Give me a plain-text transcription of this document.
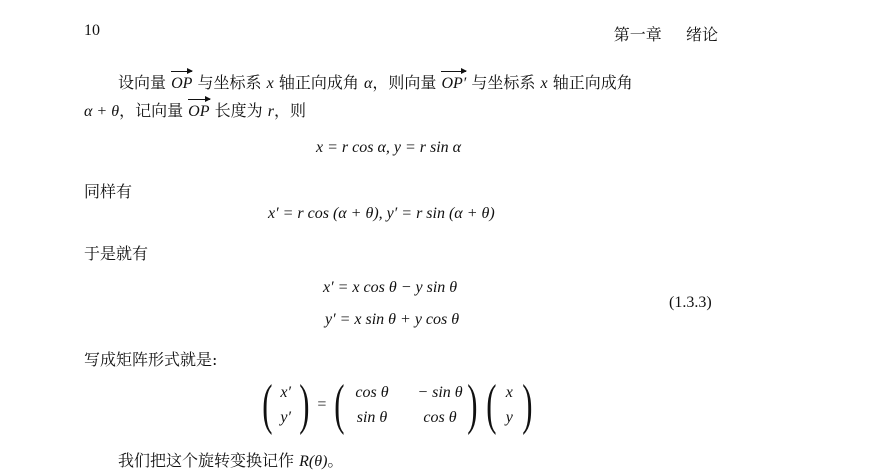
10	第一章 绪论
设向量 OP 与坐标系 x 轴正向成角 α，则向量 OP′ 与坐标系 x 轴正向成角
α + θ，记向量 OP 长度为 r，则
x = r cos α, y = r sin α
同样有
x′ = r cos (α + θ), y′ = r sin (α + θ)
于是就有
x′ = x cos θ − y sin θ
y′ = x sin θ + y cos θ
(1.3.3)
写成矩阵形式就是:
( x′
y′ ) = ( cos θ	− sin θ
sin θ	cos θ ) ( x
y )
我们把这个旋转变换记作 R(θ)。
